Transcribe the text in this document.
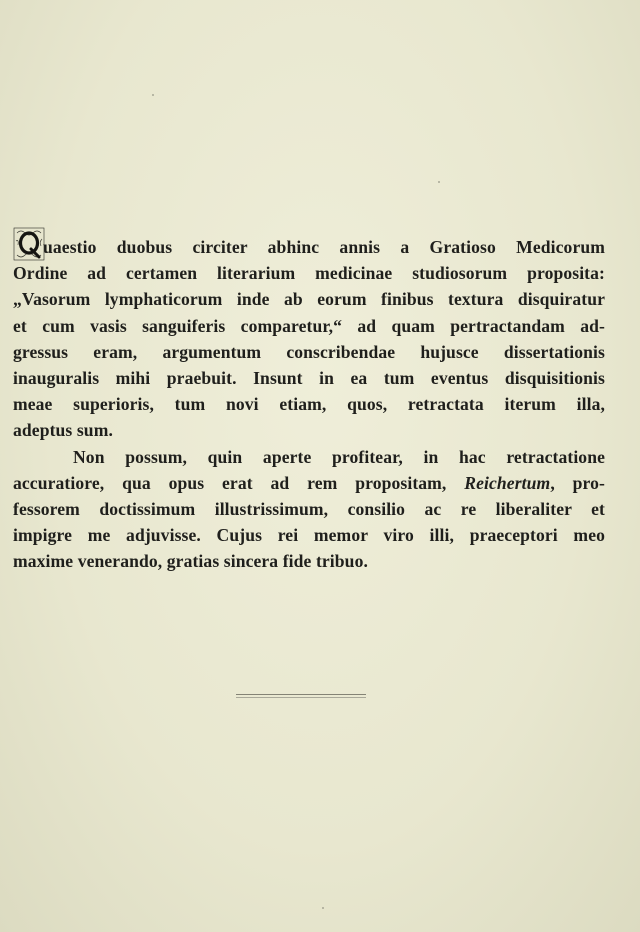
uaestio duobus circiter abhinc annis a Gratioso Medicorum
Ordine ad certamen literarium medicinae studiosorum proposita:
„Vasorum lymphaticorum inde ab eorum finibus textura disquiratur
et cum vasis sanguiferis comparetur,“ ad quam pertractandam ad-
gressus eram, argumentum conscribendae hujusce dissertationis
inauguralis mihi praebuit. Insunt in ea tum eventus disquisitionis
meae superioris, tum novi etiam, quos, retractata iterum illa,
adeptus sum.
Non possum, quin aperte profitear, in hac retractatione
accuratiore, qua opus erat ad rem propositam, Reichertum, pro-
fessorem doctissimum illustrissimum, consilio ac re liberaliter et
impigre me adjuvisse. Cujus rei memor viro illi, praeceptori meo
maxime venerando, gratias sincera fide tribuo.
